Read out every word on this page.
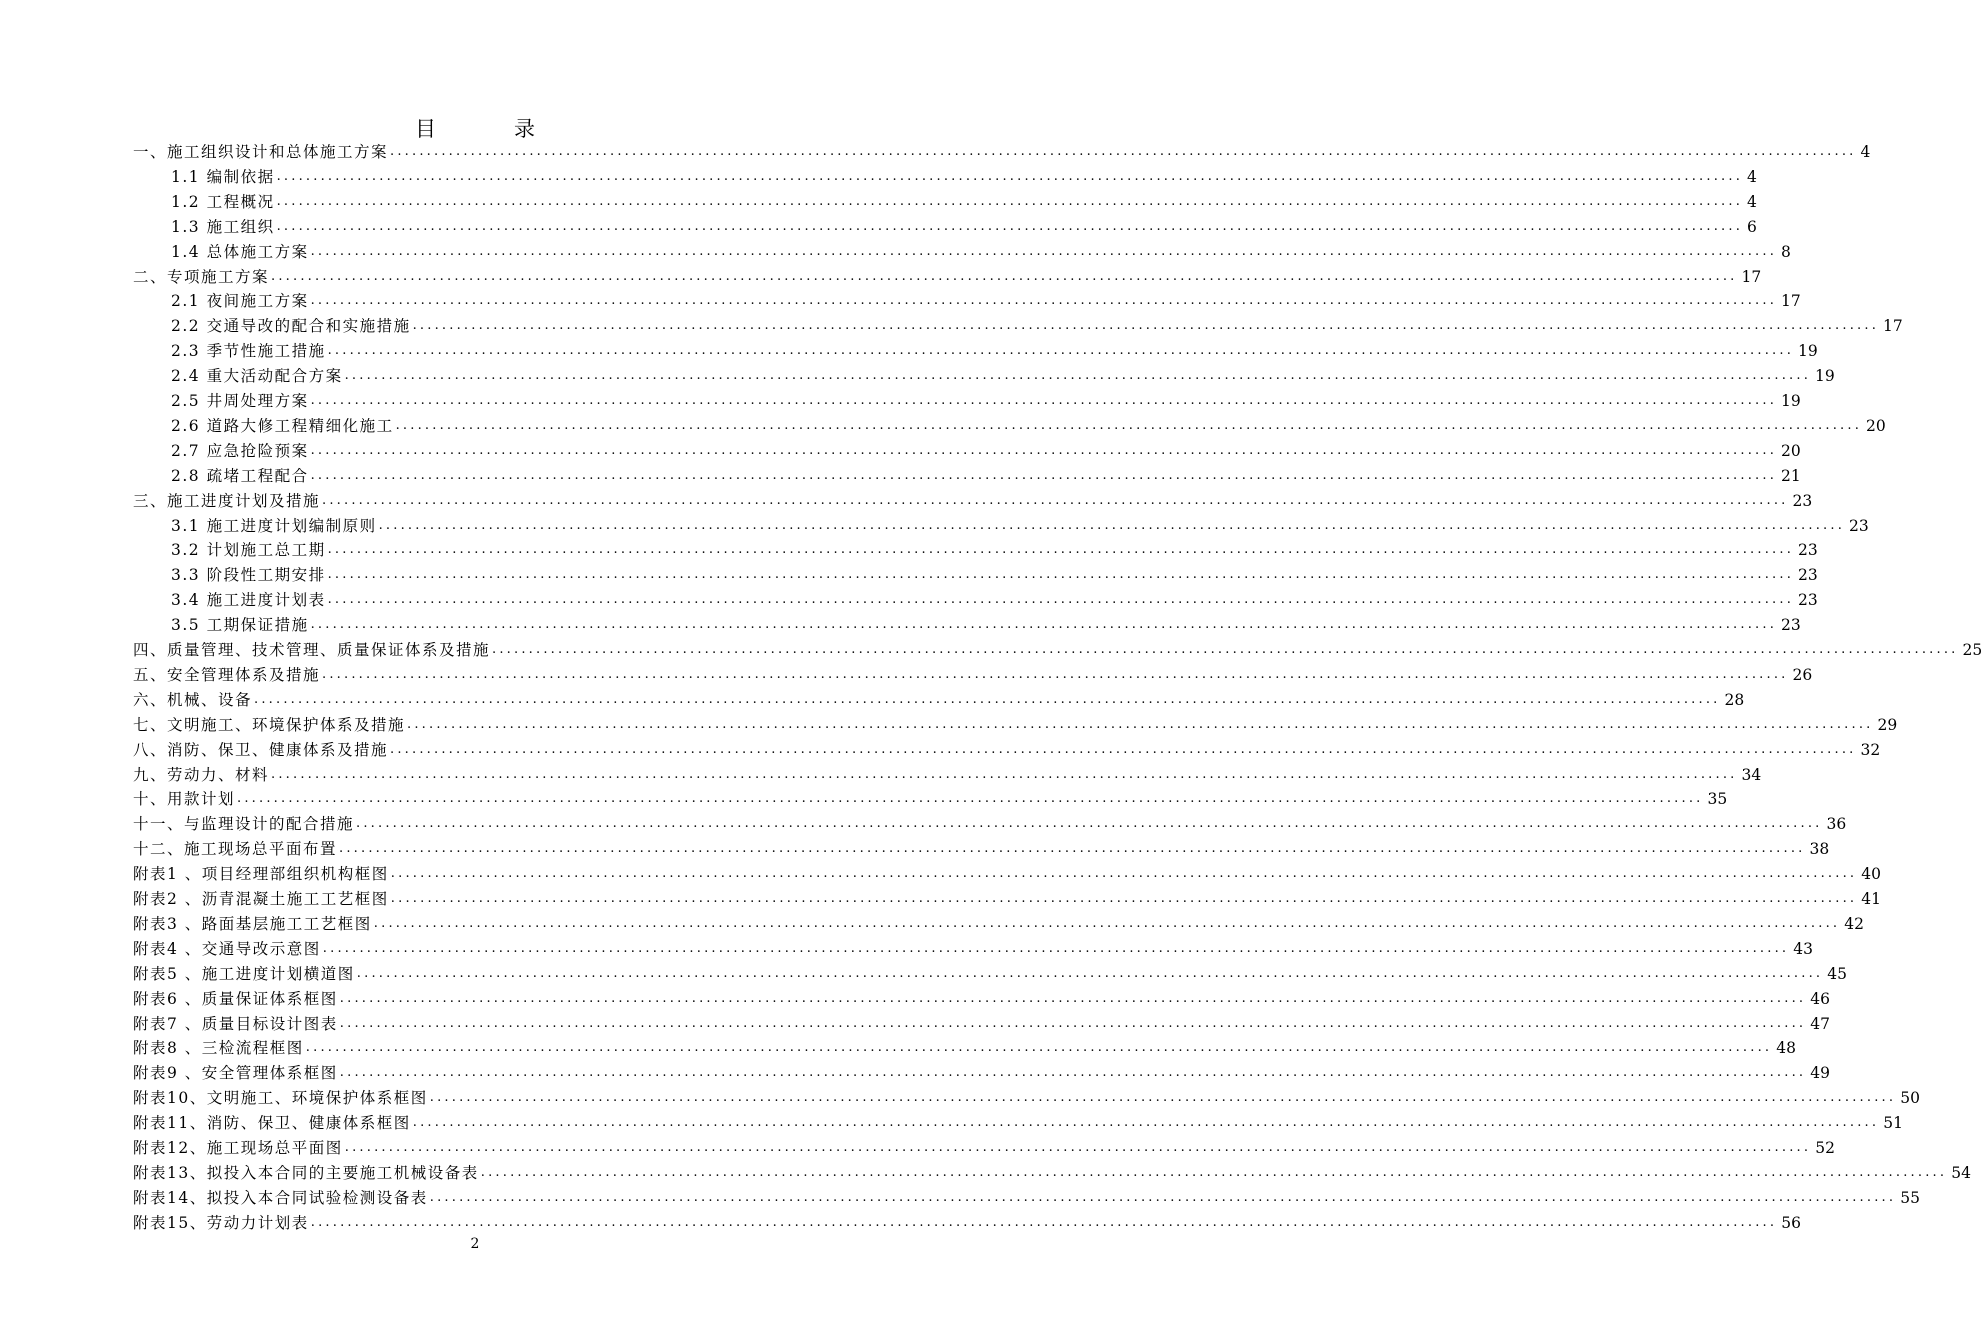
目	录
一、施工组织设计和总体施工方案 ........................................................................................................................................................................................................ 4
1.1 编制依据 ........................................................................................................................................................................................................ 4
1.2 工程概况 ........................................................................................................................................................................................................ 4
1.3 施工组织 ........................................................................................................................................................................................................ 6
1.4 总体施工方案 ........................................................................................................................................................................................................ 8
二、专项施工方案 ........................................................................................................................................................................................................ 17
2.1 夜间施工方案 ........................................................................................................................................................................................................ 17
2.2 交通导改的配合和实施措施 ........................................................................................................................................................................................................ 17
2.3 季节性施工措施 ........................................................................................................................................................................................................ 19
2.4 重大活动配合方案 ........................................................................................................................................................................................................ 19
2.5 井周处理方案 ........................................................................................................................................................................................................ 19
2.6 道路大修工程精细化施工 ........................................................................................................................................................................................................ 20
2.7 应急抢险预案 ........................................................................................................................................................................................................ 20
2.8 疏堵工程配合 ........................................................................................................................................................................................................ 21
三、施工进度计划及措施 ........................................................................................................................................................................................................ 23
3.1 施工进度计划编制原则 ........................................................................................................................................................................................................ 23
3.2 计划施工总工期 ........................................................................................................................................................................................................ 23
3.3 阶段性工期安排 ........................................................................................................................................................................................................ 23
3.4 施工进度计划表 ........................................................................................................................................................................................................ 23
3.5 工期保证措施 ........................................................................................................................................................................................................ 23
四、质量管理、技术管理、质量保证体系及措施 ........................................................................................................................................................................................................ 25
五、安全管理体系及措施 ........................................................................................................................................................................................................ 26
六、机械、设备 ........................................................................................................................................................................................................ 28
七、文明施工、环境保护体系及措施 ........................................................................................................................................................................................................ 29
八、消防、保卫、健康体系及措施 ........................................................................................................................................................................................................ 32
九、劳动力、材料 ........................................................................................................................................................................................................ 34
十、用款计划 ........................................................................................................................................................................................................ 35
十一、与监理设计的配合措施 ........................................................................................................................................................................................................ 36
十二、施工现场总平面布置 ........................................................................................................................................................................................................ 38
附表1 、项目经理部组织机构框图 ........................................................................................................................................................................................................ 40
附表2 、沥青混凝土施工工艺框图 ........................................................................................................................................................................................................ 41
附表3 、路面基层施工工艺框图 ........................................................................................................................................................................................................ 42
附表4 、交通导改示意图 ........................................................................................................................................................................................................ 43
附表5 、施工进度计划横道图 ........................................................................................................................................................................................................ 45
附表6 、质量保证体系框图 ........................................................................................................................................................................................................ 46
附表7 、质量目标设计图表 ........................................................................................................................................................................................................ 47
附表8 、三检流程框图 ........................................................................................................................................................................................................ 48
附表9 、安全管理体系框图 ........................................................................................................................................................................................................ 49
附表10、文明施工、环境保护体系框图 ........................................................................................................................................................................................................ 50
附表11、消防、保卫、健康体系框图 ........................................................................................................................................................................................................ 51
附表12、施工现场总平面图 ........................................................................................................................................................................................................ 52
附表13、拟投入本合同的主要施工机械设备表 ........................................................................................................................................................................................................ 54
附表14、拟投入本合同试验检测设备表 ........................................................................................................................................................................................................ 55
附表15、劳动力计划表 ........................................................................................................................................................................................................ 56
2
